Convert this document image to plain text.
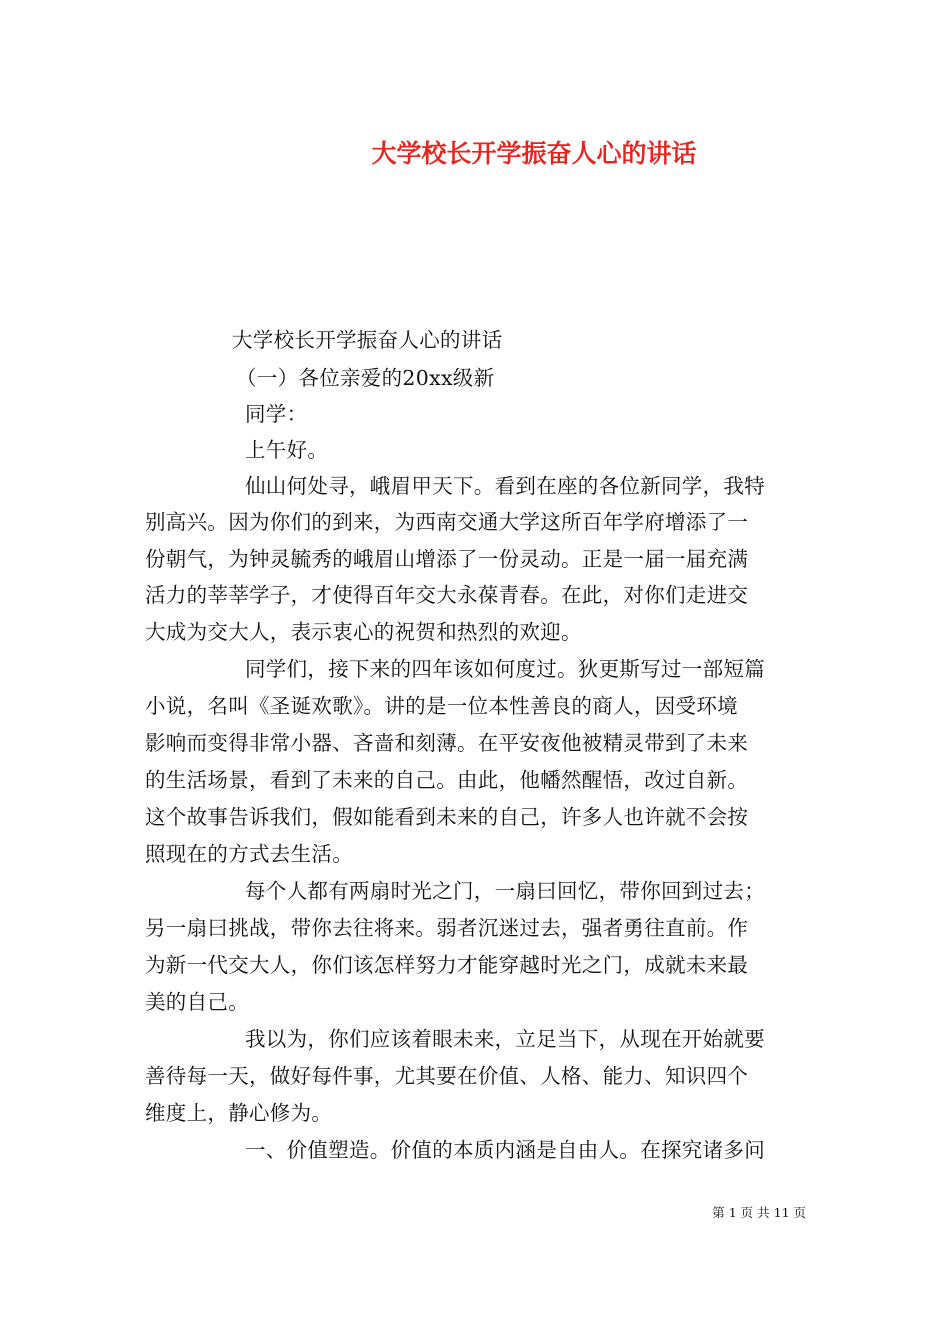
大学校长开学振奋人心的讲话
大学校长开学振奋人心的讲话
（一）各位亲爱的20xx级新
同学：
上午好。
仙山何处寻，峨眉甲天下。看到在座的各位新同学，我特
别高兴。因为你们的到来，为西南交通大学这所百年学府增添了一
份朝气，为钟灵毓秀的峨眉山增添了一份灵动。正是一届一届充满
活力的莘莘学子，才使得百年交大永葆青春。在此，对你们走进交
大成为交大人，表示衷心的祝贺和热烈的欢迎。
同学们，接下来的四年该如何度过。狄更斯写过一部短篇
小说，名叫《圣诞欢歌》。讲的是一位本性善良的商人，因受环境
影响而变得非常小器、吝啬和刻薄。在平安夜他被精灵带到了未来
的生活场景，看到了未来的自己。由此，他幡然醒悟，改过自新。
这个故事告诉我们，假如能看到未来的自己，许多人也许就不会按
照现在的方式去生活。
每个人都有两扇时光之门，一扇曰回忆，带你回到过去；
另一扇曰挑战，带你去往将来。弱者沉迷过去，强者勇往直前。作
为新一代交大人，你们该怎样努力才能穿越时光之门，成就未来最
美的自己。
我以为，你们应该着眼未来，立足当下，从现在开始就要
善待每一天，做好每件事，尤其要在价值、人格、能力、知识四个
维度上，静心修为。
一、价值塑造。价值的本质内涵是自由人。在探究诸多问
第 1 页 共 11 页
